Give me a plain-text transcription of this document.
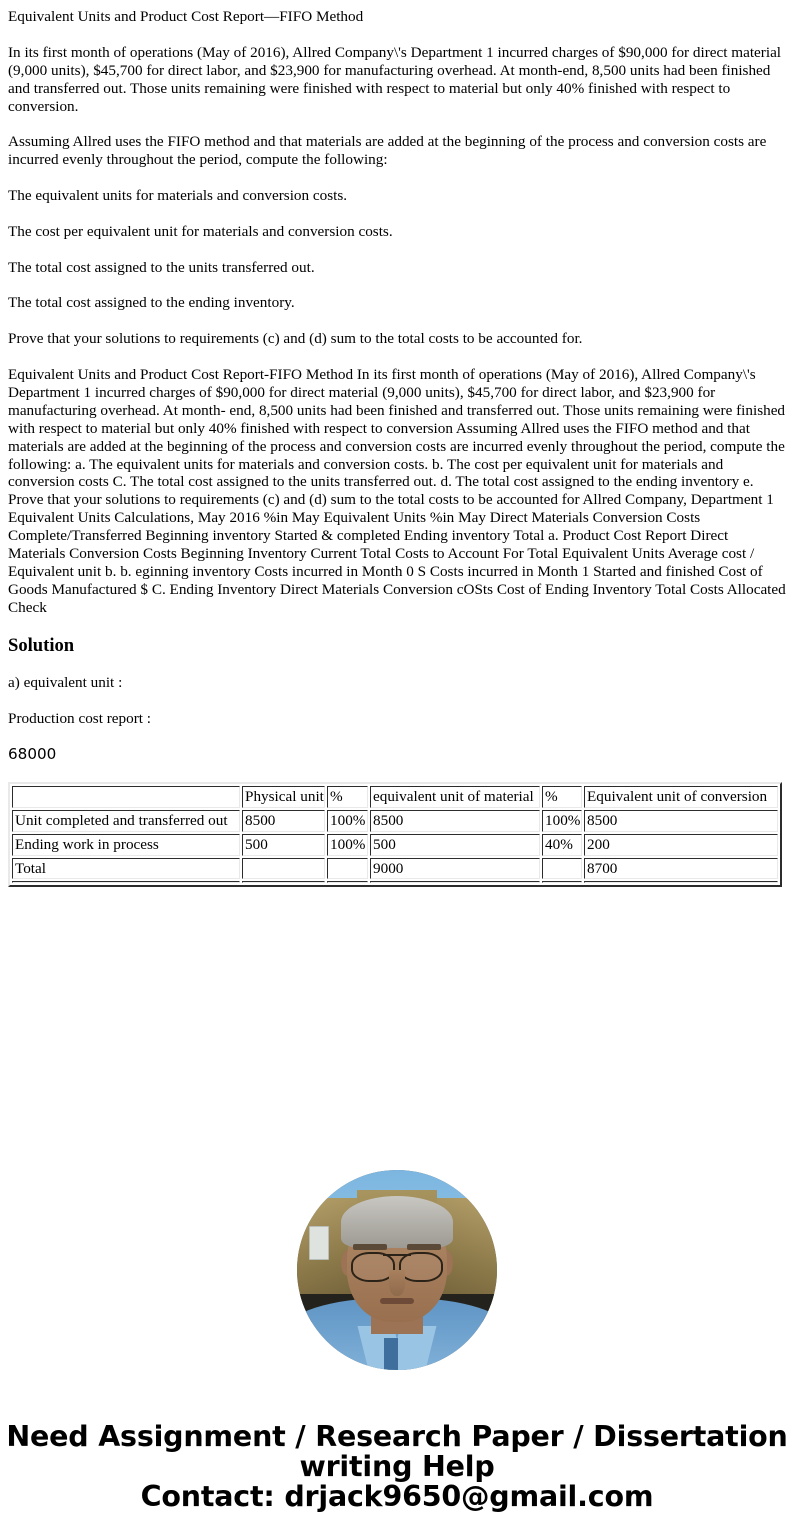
Equivalent Units and Product Cost Report—FIFO Method

In its first month of operations (May of 2016), Allred Company\'s Department 1 incurred charges of $90,000 for direct material (9,000 units), $45,700 for direct labor, and $23,900 for manufacturing overhead. At month-end, 8,500 units had been finished and transferred out. Those units remaining were finished with respect to material but only 40% finished with respect to conversion.

Assuming Allred uses the FIFO method and that materials are added at the beginning of the process and conversion costs are incurred evenly throughout the period, compute the following:

The equivalent units for materials and conversion costs.

The cost per equivalent unit for materials and conversion costs.

The total cost assigned to the units transferred out.

The total cost assigned to the ending inventory.

Prove that your solutions to requirements (c) and (d) sum to the total costs to be accounted for.

Equivalent Units and Product Cost Report-FIFO Method In its first month of operations (May of 2016), Allred Company\'s Department 1 incurred charges of $90,000 for direct material (9,000 units), $45,700 for direct labor, and $23,900 for manufacturing overhead. At month- end, 8,500 units had been finished and transferred out. Those units remaining were finished with respect to material but only 40% finished with respect to conversion Assuming Allred uses the FIFO method and that materials are added at the beginning of the process and conversion costs are incurred evenly throughout the period, compute the following: a. The equivalent units for materials and conversion costs. b. The cost per equivalent unit for materials and conversion costs C. The total cost assigned to the units transferred out. d. The total cost assigned to the ending inventory e. Prove that your solutions to requirements (c) and (d) sum to the total costs to be accounted for Allred Company, Department 1 Equivalent Units Calculations, May 2016 %in May Equivalent Units %in May Direct Materials Conversion Costs Complete/Transferred Beginning inventory Started & completed Ending inventory Total a. Product Cost Report Direct Materials Conversion Costs Beginning Inventory Current Total Costs to Account For Total Equivalent Units Average cost / Equivalent unit b. b. eginning inventory Costs incurred in Month 0 S Costs incurred in Month 1 Started and finished Cost of Goods Manufactured $ C. Ending Inventory Direct Materials Conversion cOSts Cost of Ending Inventory Total Costs Allocated Check

Solution

a) equivalent unit :

Production cost report :

68000

	Physical unit	%	equivalent unit of material	%	Equivalent unit of conversion
Unit completed and transferred out	8500	100%	8500	100%	8500
Ending work in process	500	100%	500	40%	200
Total			9000		8700

Need Assignment / Research Paper / Dissertation writing Help
Contact: drjack9650@gmail.com
